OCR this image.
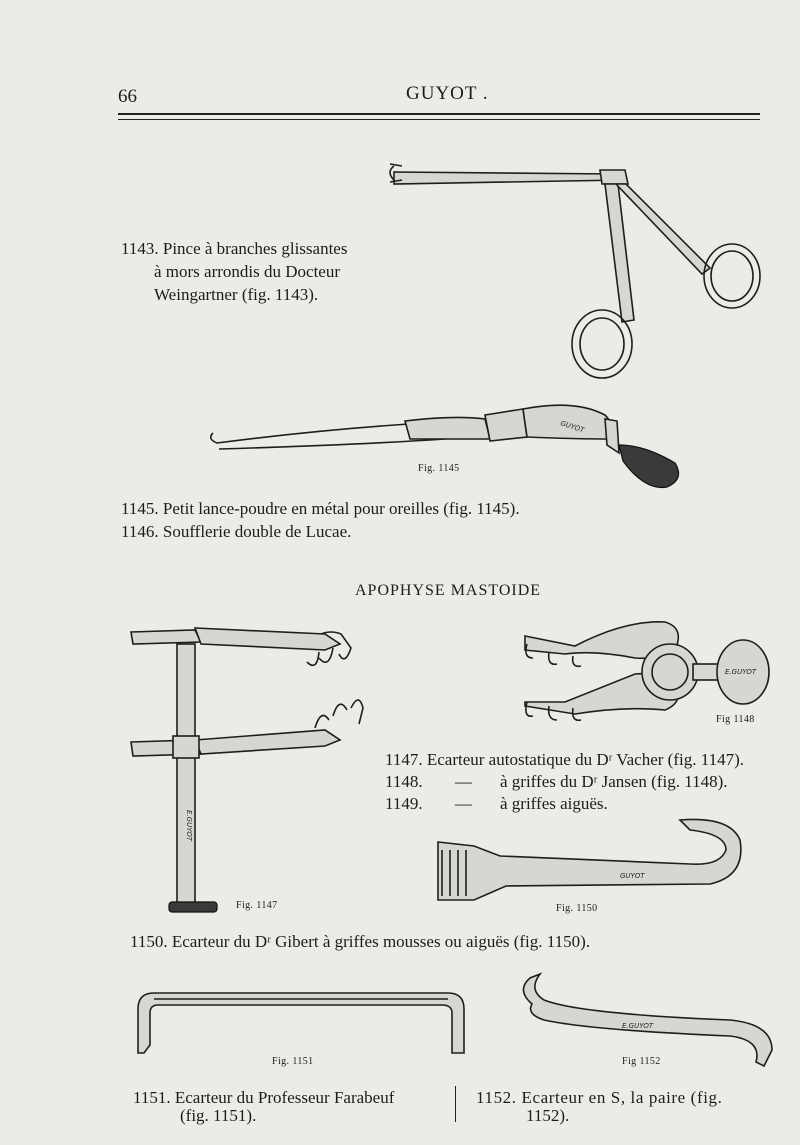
66	GUYOT .
1143. Pince à branches glissantes
à mors arrondis du Docteur
Weingartner (fig. 1143).
GUYOT
Fig. 1145
1145. Petit lance-poudre en métal pour oreilles (fig. 1145).
1146. Soufflerie double de Lucae.
APOPHYSE MASTOIDE
E.GUYOT
Fig. 1147
E.GUYOT
Fig 1148
1147. Ecarteur autostatique du Dʳ Vacher (fig. 1147).
1148. — à griffes du Dʳ Jansen (fig. 1148).
1149. — à griffes aiguës.
GUYOT
Fig. 1150
1150. Ecarteur du Dʳ Gibert à griffes mousses ou aiguës (fig. 1150).
Fig. 1151
E.GUYOT
Fig 1152
1151. Ecarteur du Professeur Farabeuf
(fig. 1151).
1152. Ecarteur en S, la paire (fig.
1152).
